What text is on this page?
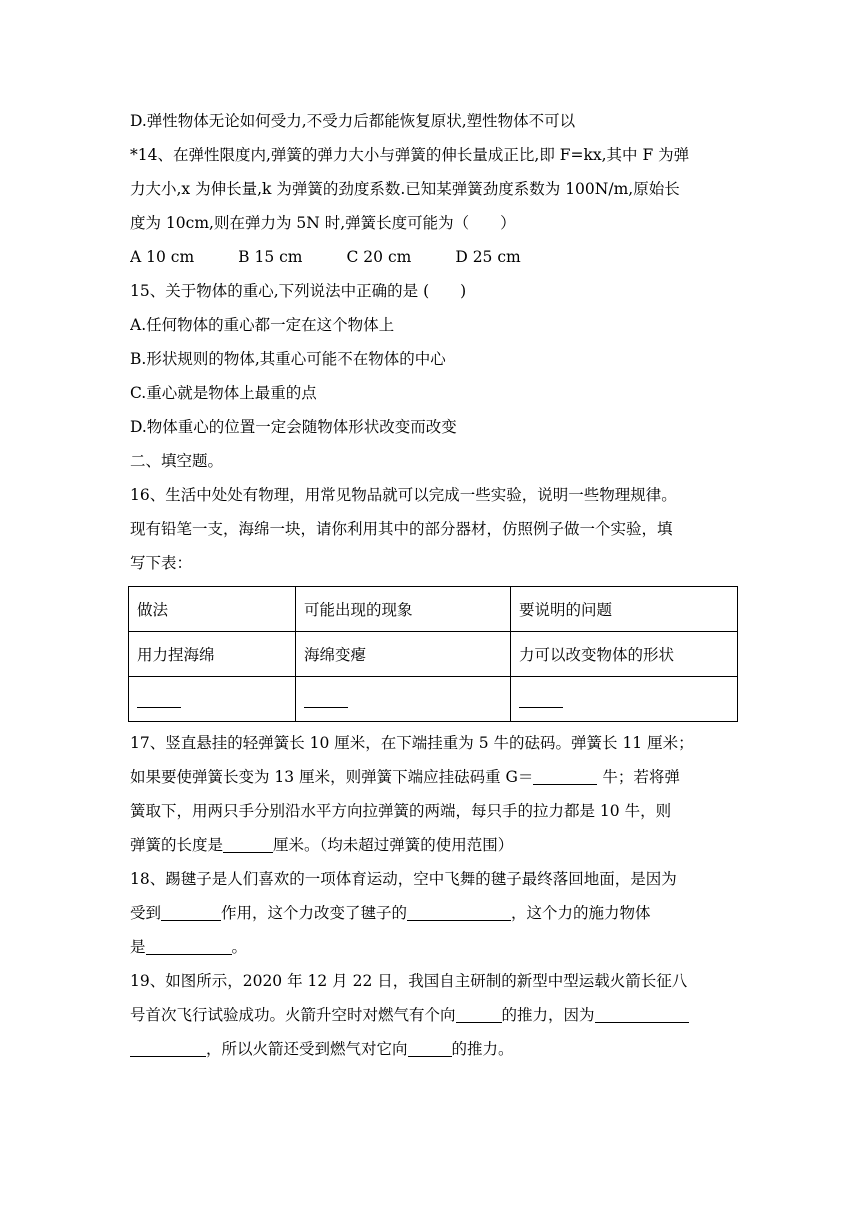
D.弹性物体无论如何受力,不受力后都能恢复原状,塑性物体不可以
*14、在弹性限度内,弹簧的弹力大小与弹簧的伸长量成正比,即 F=kx,其中 F 为弹
力大小,x 为伸长量,k 为弹簧的劲度系数.已知某弹簧劲度系数为 100N/m,原始长
度为 10cm,则在弹力为 5N 时,弹簧长度可能为（　　）
A 10 cm	B 15 cm	C 20 cm	D 25 cm
15、关于物体的重心,下列说法中正确的是 (　　)
A.任何物体的重心都一定在这个物体上
B.形状规则的物体,其重心可能不在物体的中心
C.重心就是物体上最重的点
D.物体重心的位置一定会随物体形状改变而改变
二、填空题。
16、生活中处处有物理，用常见物品就可以完成一些实验，说明一些物理规律。
现有铅笔一支，海绵一块，请你利用其中的部分器材，仿照例子做一个实验，填
写下表：
做法	可能出现的现象	要说明的问题
用力捏海绵	海绵变瘪	力可以改变物体的形状

17、竖直悬挂的轻弹簧长 10 厘米，在下端挂重为 5 牛的砝码。弹簧长 11 厘米；
如果要使弹簧长变为 13 厘米，则弹簧下端应挂砝码重 G＝	牛；若将弹
簧取下，用两只手分别沿水平方向拉弹簧的两端，每只手的拉力都是 10 牛，则
弹簧的长度是	厘米。（均未超过弹簧的使用范围）
18、踢毽子是人们喜欢的一项体育运动，空中飞舞的毽子最终落回地面，是因为
受到	作用，这个力改变了毽子的	，这个力的施力物体
是	。
19、如图所示，2020 年 12 月 22 日，我国自主研制的新型中型运载火箭长征八
号首次飞行试验成功。火箭升空时对燃气有个向	的推力，因为
，所以火箭还受到燃气对它向	的推力。
